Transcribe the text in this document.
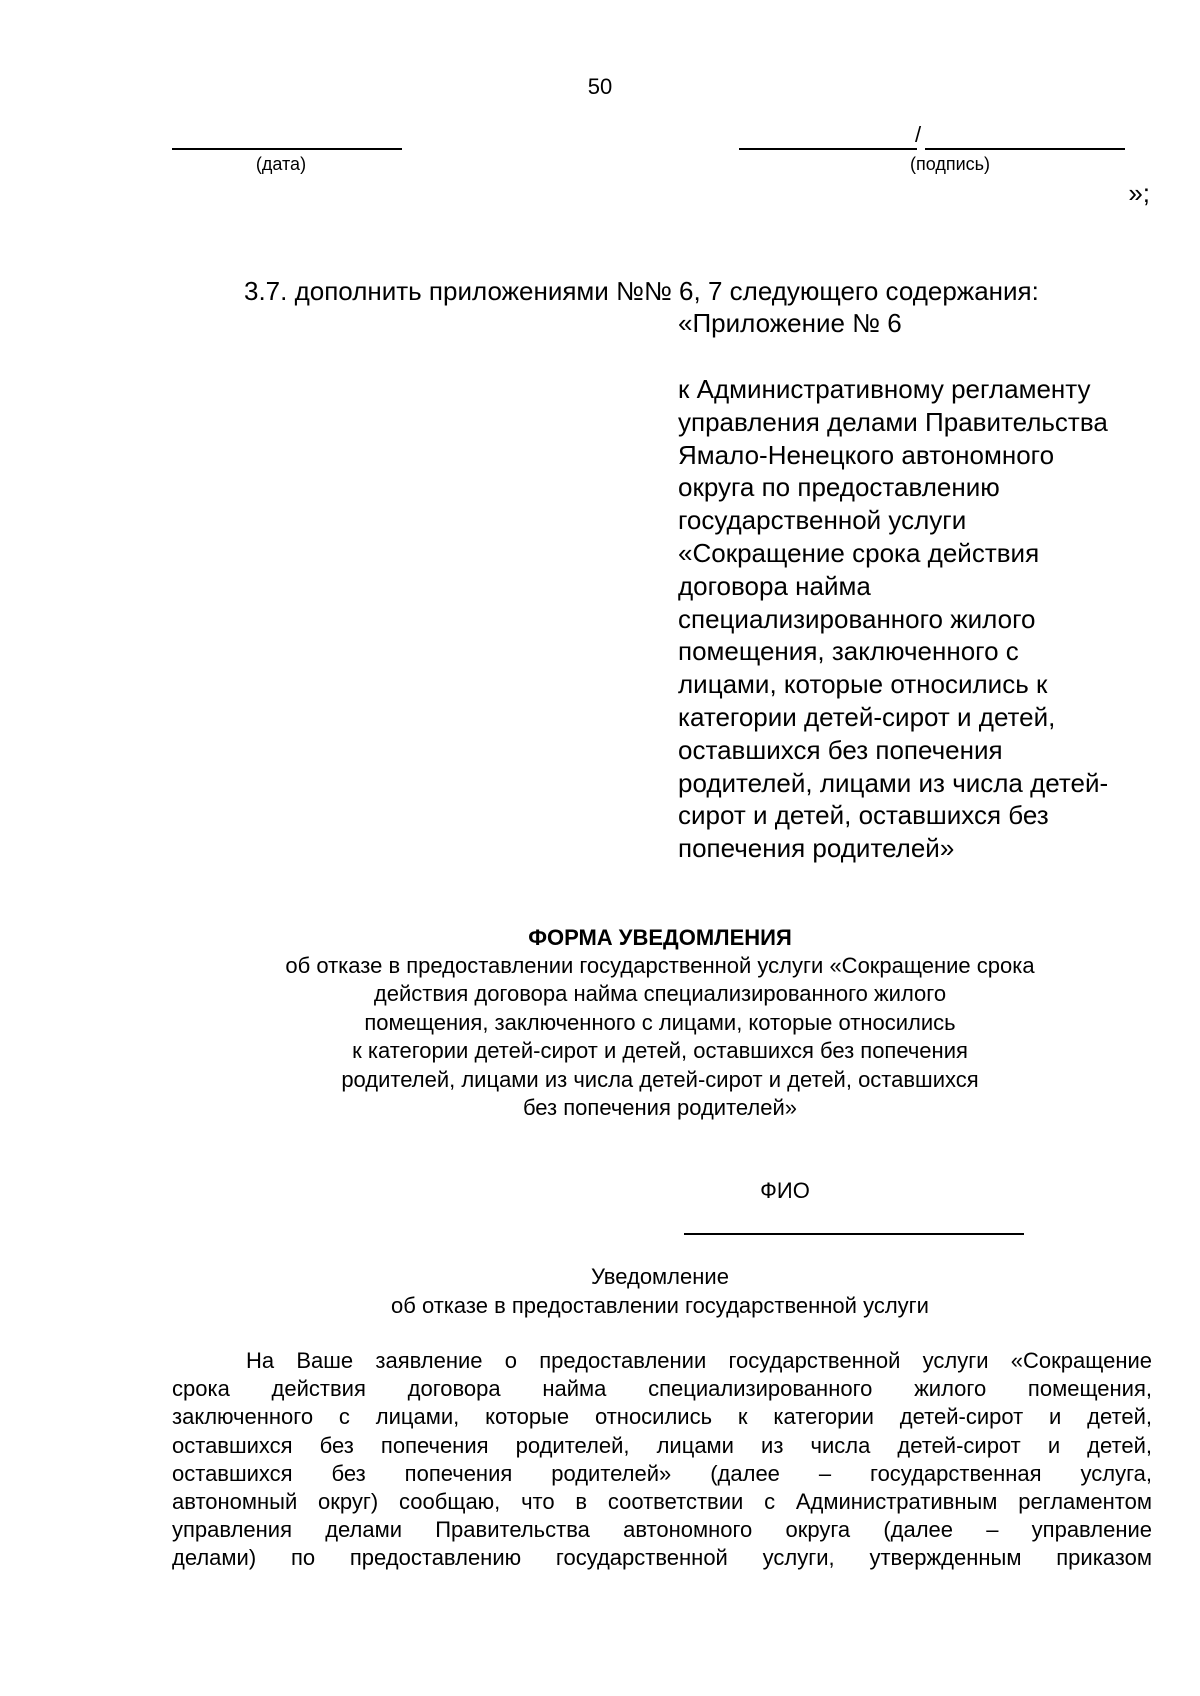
50
(дата)
/
(подпись)
»;
3.7. дополнить приложениями №№ 6, 7 следующего содержания:
«Приложение № 6
к Административному регламенту
управления делами Правительства
Ямало-Ненецкого автономного
округа по предоставлению
государственной услуги
«Сокращение срока действия
договора найма
специализированного жилого
помещения, заключенного с
лицами, которые относились к
категории детей-сирот и детей,
оставшихся без попечения
родителей, лицами из числа детей-
сирот и детей, оставшихся без
попечения родителей»
ФОРМА УВЕДОМЛЕНИЯ
об отказе в предоставлении государственной услуги «Сокращение срока
действия договора найма специализированного жилого
помещения, заключенного с лицами, которые относились
к категории детей-сирот и детей, оставшихся без попечения
родителей, лицами из числа детей-сирот и детей, оставшихся
без попечения родителей»
ФИО
Уведомление
об отказе в предоставлении государственной услуги
На Ваше заявление о предоставлении государственной услуги «Сокращение
срока действия договора найма специализированного жилого помещения,
заключенного с лицами, которые относились к категории детей-сирот и детей,
оставшихся без попечения родителей, лицами из числа детей-сирот и детей,
оставшихся без попечения родителей» (далее – государственная услуга,
автономный округ) сообщаю, что в соответствии с Административным регламентом
управления делами Правительства автономного округа (далее – управление
делами) по предоставлению государственной услуги, утвержденным приказом
